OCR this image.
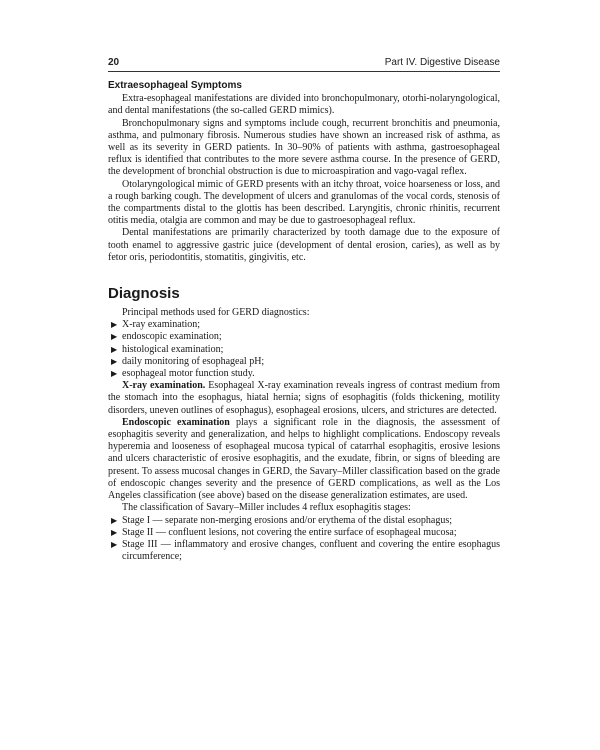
20	Part IV. Digestive Disease
Extraesophageal Symptoms

Extra-esophageal manifestations are divided into bronchopulmonary, otorhi-nolaryngological, and dental manifestations (the so-called GERD mimics).

Bronchopulmonary signs and symptoms include cough, recurrent bronchitis and pneumonia, asthma, and pulmonary fibrosis. Numerous studies have shown an increased risk of asthma, as well as its severity in GERD patients. In 30–90% of patients with asthma, gastroesophageal reflux is identified that contributes to the more severe asthma course. In the presence of GERD, the development of bronchial obstruction is due to microaspiration and vago-vagal reflex.

Otolaryngological mimic of GERD presents with an itchy throat, voice hoarseness or loss, and a rough barking cough. The development of ulcers and granulomas of the vocal cords, stenosis of the compartments distal to the glottis has been described. Laryngitis, chronic rhinitis, recurrent otitis media, otalgia are common and may be due to gastroesophageal reflux.

Dental manifestations are primarily characterized by tooth damage due to the exposure of tooth enamel to aggressive gastric juice (development of dental erosion, caries), as well as by fetor oris, periodontitis, stomatitis, gingivitis, etc.

Diagnosis

Principal methods used for GERD diagnostics:

▶ X-ray examination;
▶ endoscopic examination;
▶ histological examination;
▶ daily monitoring of esophageal pH;
▶ esophageal motor function study.

X-ray examination. Esophageal X-ray examination reveals ingress of contrast medium from the stomach into the esophagus, hiatal hernia; signs of esophagitis (folds thickening, motility disorders, uneven outlines of esophagus), esophageal erosions, ulcers, and strictures are detected.

Endoscopic examination plays a significant role in the diagnosis, the assessment of esophagitis severity and generalization, and helps to highlight complications. Endoscopy reveals hyperemia and looseness of esophageal mucosa typical of catarrhal esophagitis, erosive lesions and ulcers characteristic of erosive esophagitis, and the exudate, fibrin, or signs of bleeding are present. To assess mucosal changes in GERD, the Savary–Miller classification based on the grade of endoscopic changes severity and the presence of GERD complications, as well as the Los Angeles classification (see above) based on the disease generalization estimates, are used.

The classification of Savary–Miller includes 4 reflux esophagitis stages:

▶ Stage I — separate non-merging erosions and/or erythema of the distal esophagus;
▶ Stage II — confluent lesions, not covering the entire surface of esophageal mucosa;
▶ Stage III — inflammatory and erosive changes, confluent and covering the entire esophagus circumference;
